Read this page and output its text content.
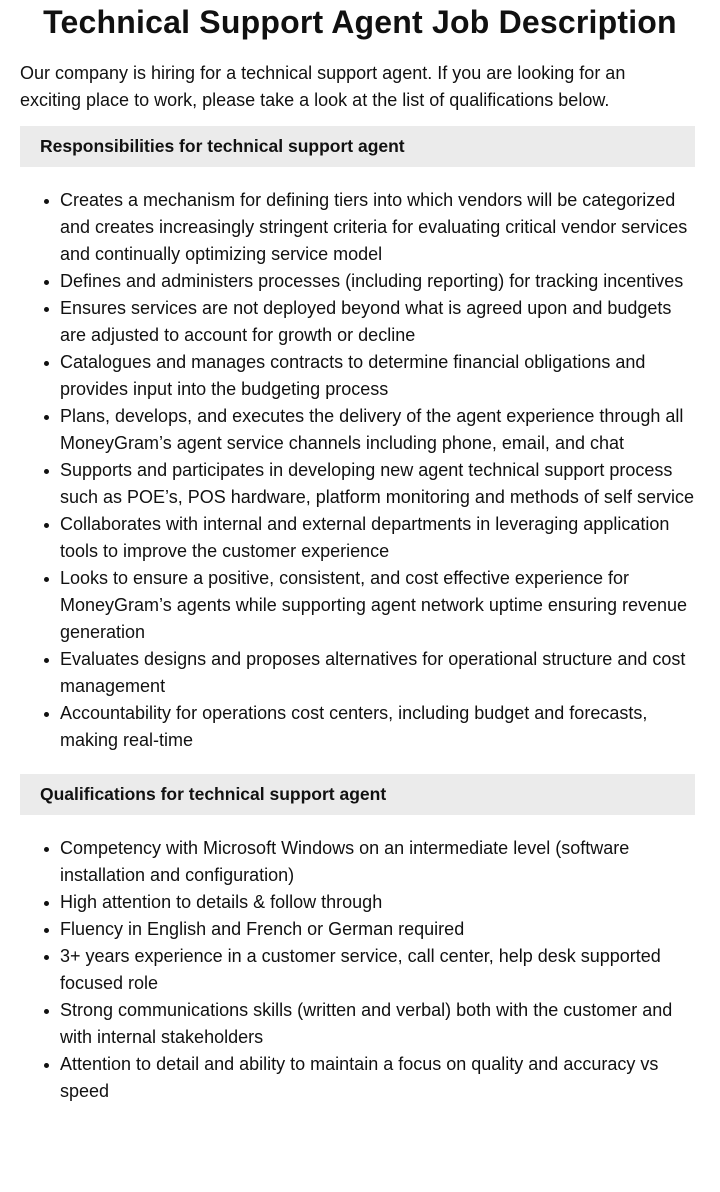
Technical Support Agent Job Description

Our company is hiring for a technical support agent. If you are looking for an exciting place to work, please take a look at the list of qualifications below.

Responsibilities for technical support agent
Creates a mechanism for defining tiers into which vendors will be categorized and creates increasingly stringent criteria for evaluating critical vendor services and continually optimizing service model
Defines and administers processes (including reporting) for tracking incentives
Ensures services are not deployed beyond what is agreed upon and budgets are adjusted to account for growth or decline
Catalogues and manages contracts to determine financial obligations and provides input into the budgeting process
Plans, develops, and executes the delivery of the agent experience through all MoneyGram’s agent service channels including phone, email, and chat
Supports and participates in developing new agent technical support process such as POE’s, POS hardware, platform monitoring and methods of self service
Collaborates with internal and external departments in leveraging application tools to improve the customer experience
Looks to ensure a positive, consistent, and cost effective experience for MoneyGram’s agents while supporting agent network uptime ensuring revenue generation
Evaluates designs and proposes alternatives for operational structure and cost management
Accountability for operations cost centers, including budget and forecasts, making real-time
Qualifications for technical support agent
Competency with Microsoft Windows on an intermediate level (software installation and configuration)
High attention to details & follow through
Fluency in English and French or German required
3+ years experience in a customer service, call center, help desk supported focused role
Strong communications skills (written and verbal) both with the customer and with internal stakeholders
Attention to detail and ability to maintain a focus on quality and accuracy vs speed
